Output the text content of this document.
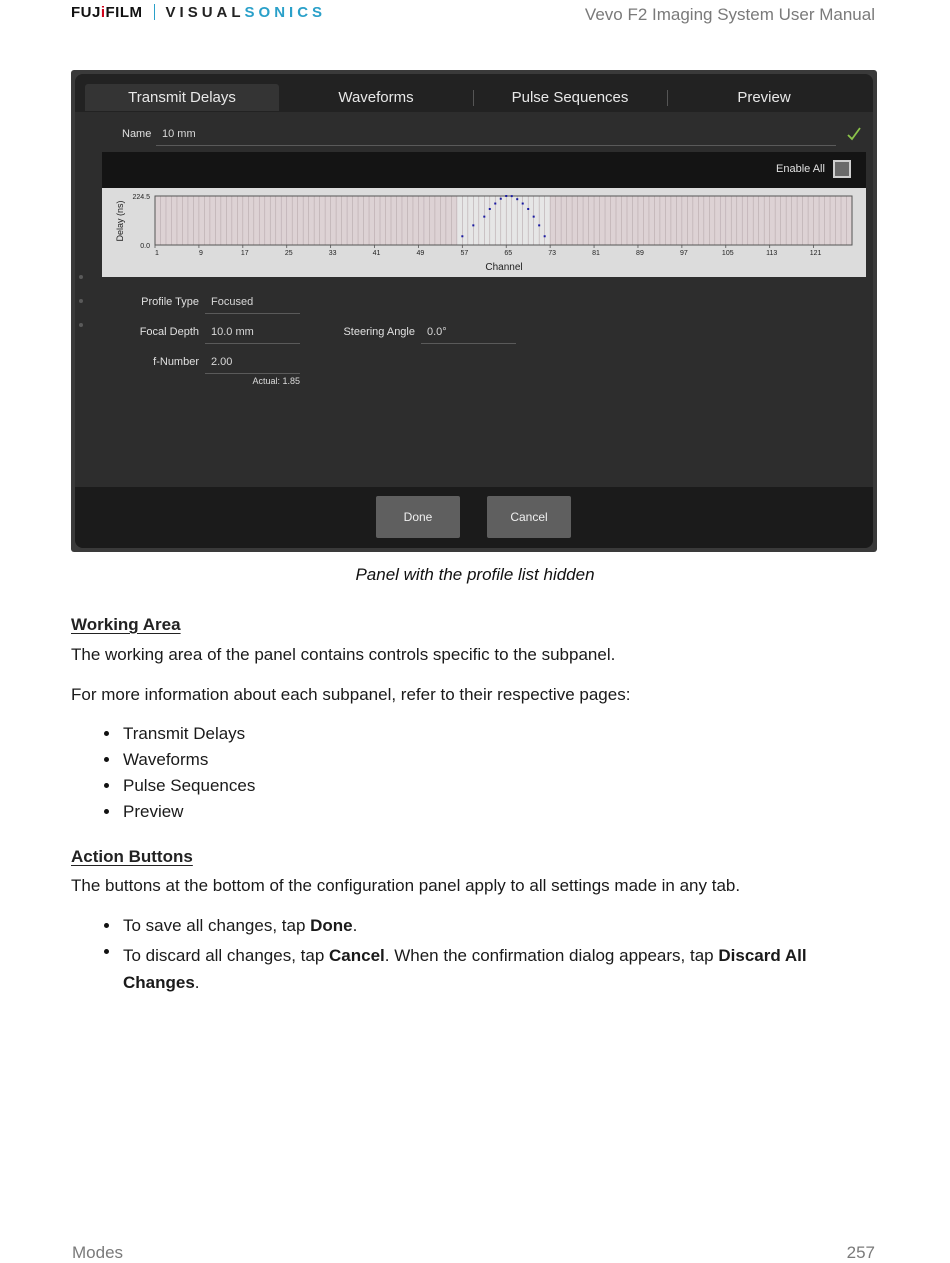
FUJiFILM VISUALSONICS	Vevo F2 Imaging System User Manual
Transmit Delays	Waveforms	Pulse Sequences	Preview
Name 10 mm
Enable All
1	9	17	25	33	41	49	57	65	73	81	89	97	105	113	121
224.5
0.0
Channel
Delay (ns)
Profile Type	Focused
Focal Depth	10.0 mm	Steering Angle	0.0°
f-Number	2.00
Actual: 1.85
Done	Cancel
Panel with the profile list hidden
Working Area
The working area of the panel contains controls specific to the subpanel.
For more information about each subpanel, refer to their respective pages:
Transmit Delays
Waveforms
Pulse Sequences
Preview
Action Buttons
The buttons at the bottom of the configuration panel apply to all settings made in any tab.
To save all changes, tap Done.
To discard all changes, tap Cancel. When the confirmation dialog appears, tap Discard All
Changes.
Modes	257
